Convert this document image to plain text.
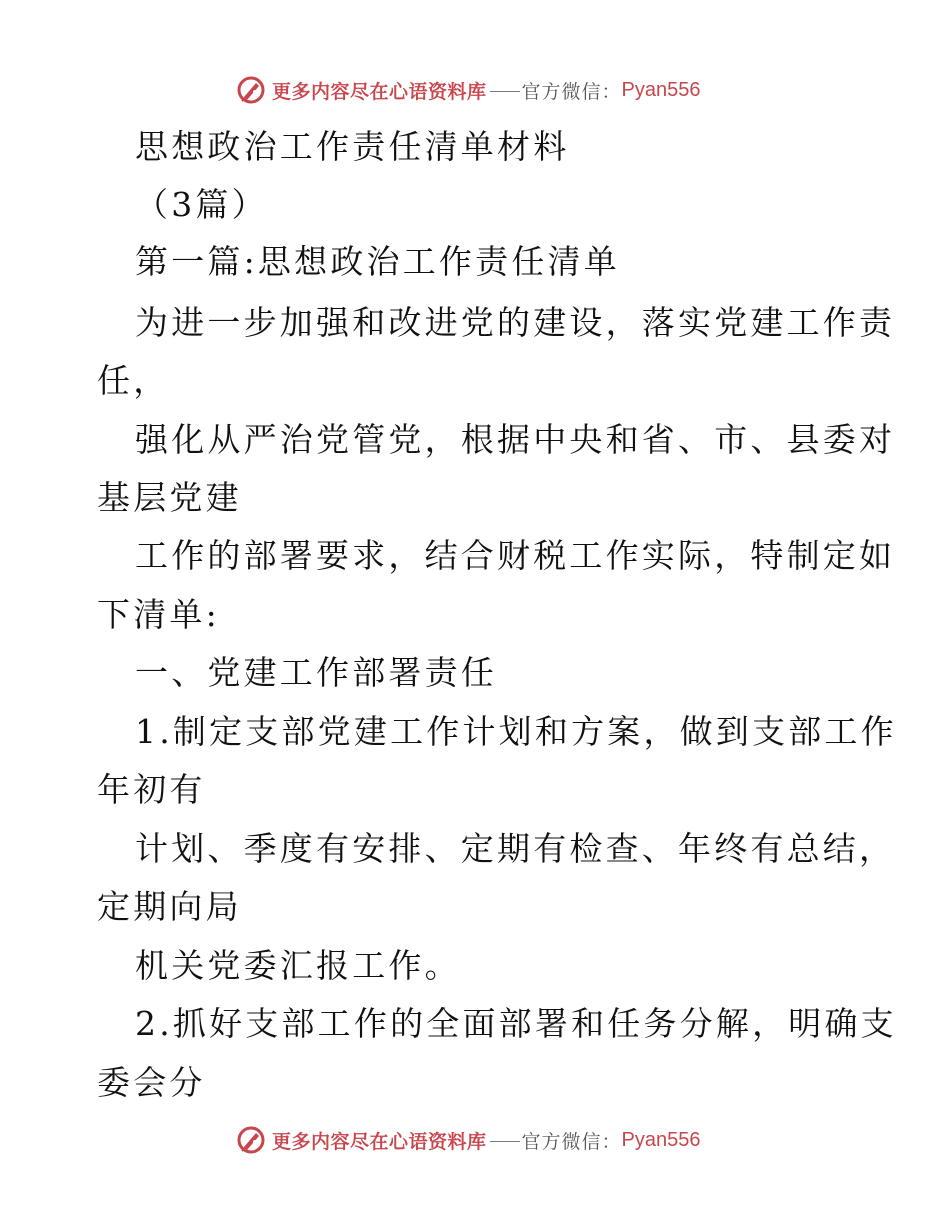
更多内容尽在心语资料库 官方微信： Pyan556
思想政治工作责任清单材料
（3篇）
第一篇:思想政治工作责任清单
为进一步加强和改进党的建设，落实党建工作责
任，
强化从严治党管党，根据中央和省、市、县委对
基层党建
工作的部署要求，结合财税工作实际，特制定如
下清单:
一、党建工作部署责任
1.制定支部党建工作计划和方案，做到支部工作
年初有
计划、季度有安排、定期有检查、年终有总结，
定期向局
机关党委汇报工作。
2.抓好支部工作的全面部署和任务分解，明确支
委会分
更多内容尽在心语资料库 官方微信： Pyan556
